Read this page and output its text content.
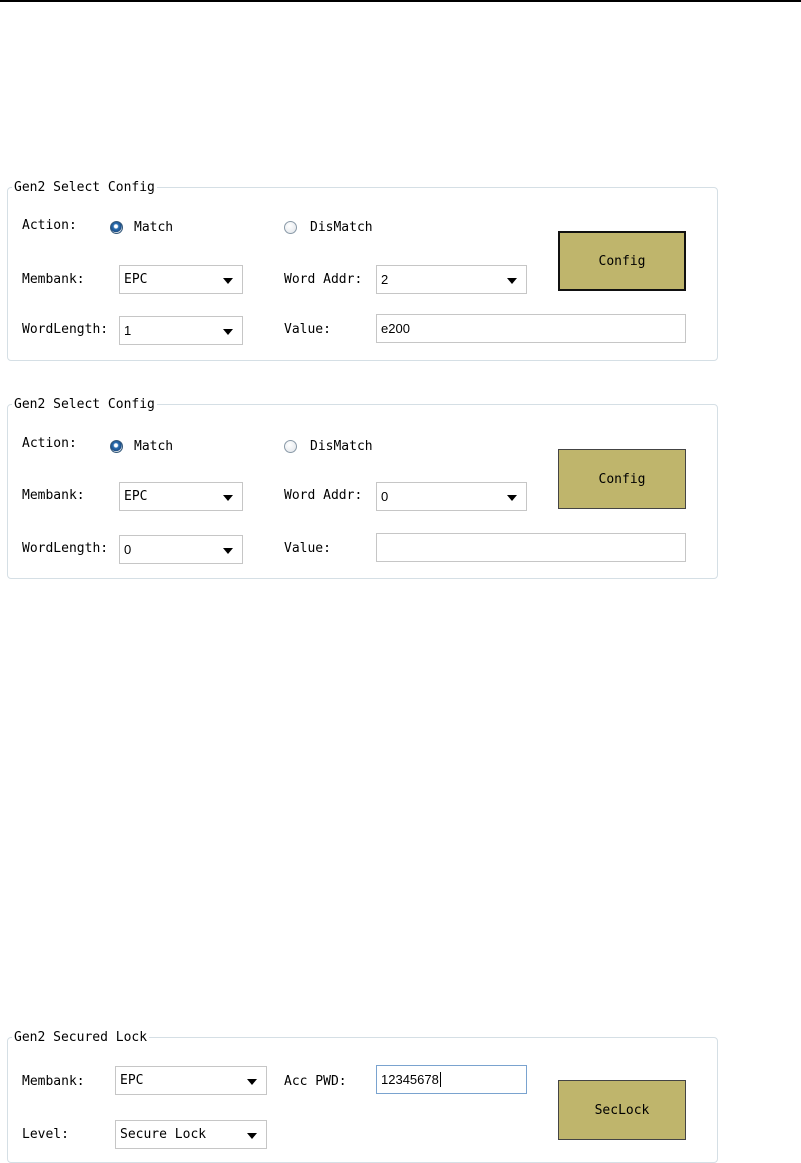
Gen2 Select Config
Action:	Match	DisMatch
Membank:	EPC	Word Addr: 2
WordLength: 1	Value:	e200
Config
Gen2 Select Config
Action:	Match	DisMatch
Membank:	EPC	Word Addr: 0
WordLength: 0	Value:
Config
Gen2 Secured Lock
Membank:	EPC	Acc PWD:	12345678
Level:	Secure Lock
SecLock
